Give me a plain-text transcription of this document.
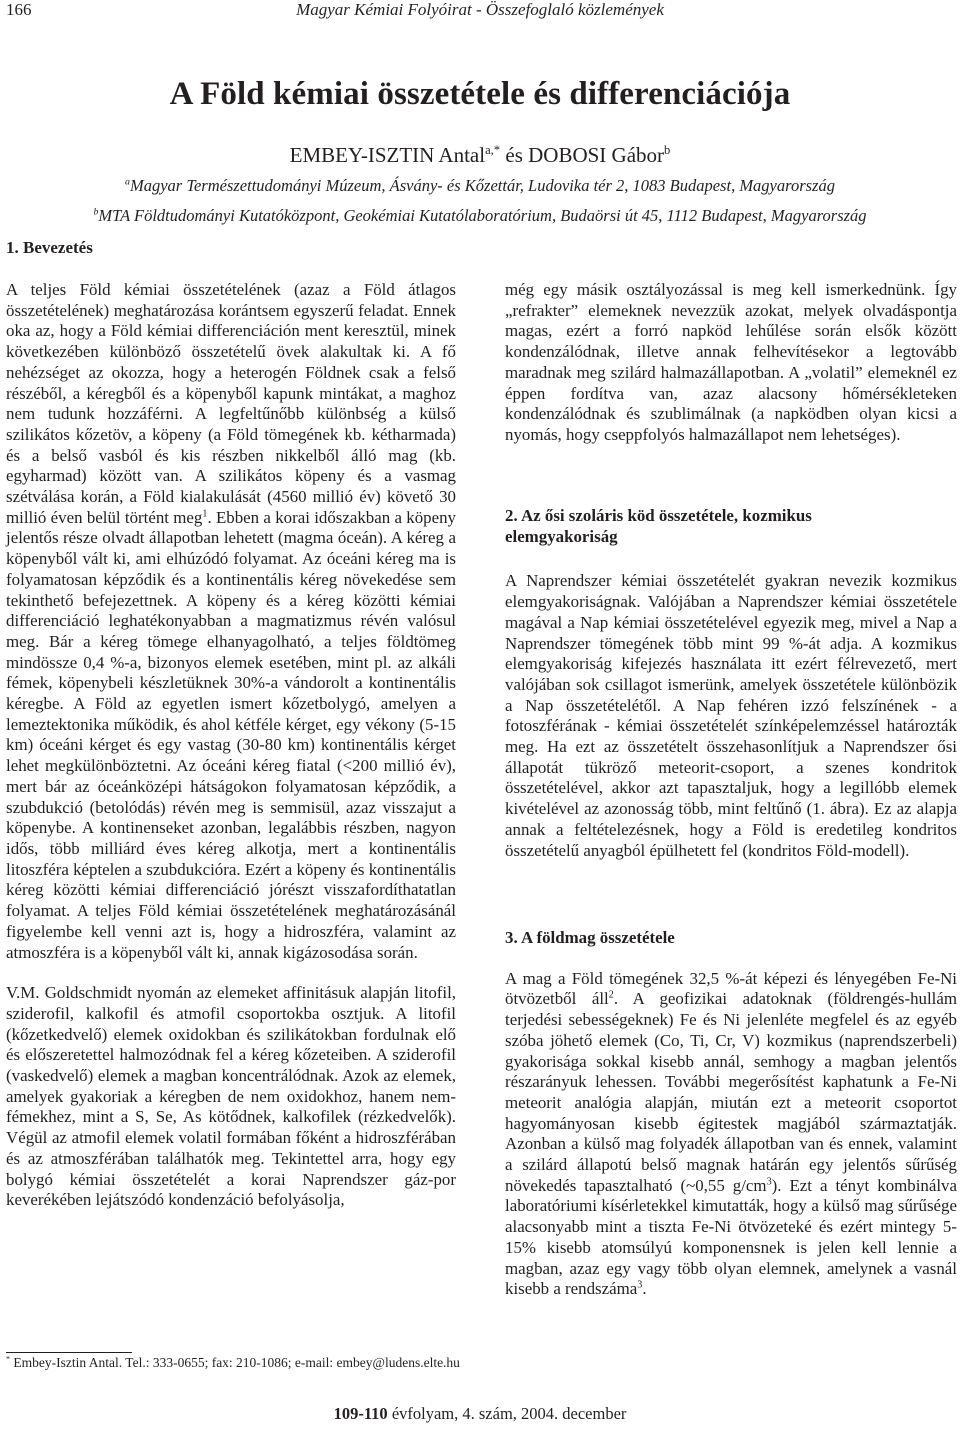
166	Magyar Kémiai Folyóirat - Összefoglaló közlemények
A Föld kémiai összetétele és differenciációja
EMBEY-ISZTIN Antal$^{a,*}$ és DOBOSI Gábor$^b$
$^a$Magyar Természettudományi Múzeum, Ásvány- és Kőzettár, Ludovika tér 2, 1083 Budapest, Magyarország
$^b$MTA Földtudományi Kutatóközpont, Geokémiai Kutatólaboratórium, Budaörsi út 45, 1112 Budapest, Magyarország
1. Bevezetés

A teljes Föld kémiai összetételének (azaz a Föld átlagos összetételének) meghatározása korántsem egyszerű feladat. Ennek oka az, hogy a Föld kémiai differenciáción ment keresztül, minek következében különböző összetételű övek alakultak ki. A fő nehézséget az okozza, hogy a heterogén Földnek csak a felső részéből, a kéregből és a köpenyből kapunk mintákat, a maghoz nem tudunk hozzáférni. A legfeltűnőbb különbség a külső szilikátos kőzetöv, a köpeny (a Föld tömegének kb. kétharmada) és a belső vasból és kis részben nikkelből álló mag (kb. egyharmad) között van. A szilikátos köpeny és a vasmag szétválása korán, a Föld kialakulását (4560 millió év) követő 30 millió éven belül történt meg$^1$. Ebben a korai időszakban a köpeny jelentős része olvadt állapotban lehetett (magma óceán). A kéreg a köpenyből vált ki, ami elhúzódó folyamat. Az óceáni kéreg ma is folyamatosan képződik és a kontinentális kéreg növekedése sem tekinthető befejezettnek. A köpeny és a kéreg közötti kémiai differenciáció leghatékonyabban a magmatizmus révén valósul meg. Bár a kéreg tömege elhanyagolható, a teljes földtömeg mindössze 0,4 %-a, bizonyos elemek esetében, mint pl. az alkáli fémek, köpenybeli készletüknek 30%-a vándorolt a kontinentális kéregbe. A Föld az egyetlen ismert kőzetbolygó, amelyen a lemeztektonika működik, és ahol kétféle kérget, egy vékony (5-15 km) óceáni kérget és egy vastag (30-80 km) kontinentális kérget lehet megkülönböztetni. Az óceáni kéreg fiatal (<200 millió év), mert bár az óceánközépi hátságokon folyamatosan képződik, a szubdukció (betolódás) révén meg is semmisül, azaz visszajut a köpenybe. A kontinenseket azonban, legalábbis részben, nagyon idős, több milliárd éves kéreg alkotja, mert a kontinentális litoszféra képtelen a szubdukcióra. Ezért a köpeny és kontinentális kéreg közötti kémiai differenciáció jórészt visszafordíthatatlan folyamat. A teljes Föld kémiai összetételének meghatározásánál figyelembe kell venni azt is, hogy a hidroszféra, valamint az atmoszféra is a köpenyből vált ki, annak kigázosodása során.

V.M. Goldschmidt nyomán az elemeket affinitásuk alapján litofil, sziderofil, kalkofil és atmofil csoportokba osztjuk. A litofil (kőzetkedvelő) elemek oxidokban és szilikátokban fordulnak elő és előszeretettel halmozódnak fel a kéreg kőzeteiben. A sziderofil (vaskedvelő) elemek a magban koncentrálódnak. Azok az elemek, amelyek gyakoriak a kéregben de nem oxidokhoz, hanem nem-fémekhez, mint a S, Se, As kötődnek, kalkofilek (rézkedvelők). Végül az atmofil elemek volatil formában főként a hidroszférában és az atmoszférában találhatók meg. Tekintettel arra, hogy egy bolygó kémiai összetételét a korai Naprendszer gáz-por keverékében lejátszódó kondenzáció befolyásolja,

még egy másik osztályozással is meg kell ismerkednünk. Így „refrakter” elemeknek nevezzük azokat, melyek olvadáspontja magas, ezért a forró napköd lehűlése során elsők között kondenzálódnak, illetve annak felhevítésekor a legtovább maradnak meg szilárd halmazállapotban. A „volatil” elemeknél ez éppen fordítva van, azaz alacsony hőmérsékleteken kondenzálódnak és szublimálnak (a napködben olyan kicsi a nyomás, hogy cseppfolyós halmazállapot nem lehetséges).

2. Az ősi szoláris köd összetétele, kozmikus
elemgyakoriság

A Naprendszer kémiai összetételét gyakran nevezik kozmikus elemgyakoriságnak. Valójában a Naprendszer kémiai összetétele magával a Nap kémiai összetételével egyezik meg, mivel a Nap a Naprendszer tömegének több mint 99 %-át adja. A kozmikus elemgyakoriság kifejezés használata itt ezért félrevezető, mert valójában sok csillagot ismerünk, amelyek összetétele különbözik a Nap összetételétől. A Nap fehéren izzó felszínének - a fotoszférának - kémiai összetételét színképelemzéssel határozták meg. Ha ezt az összetételt összehasonlítjuk a Naprendszer ősi állapotát tükröző meteorit-csoport, a szenes kondritok összetételével, akkor azt tapasztaljuk, hogy a legillóbb elemek kivételével az azonosság több, mint feltűnő (1. ábra). Ez az alapja annak a feltételezésnek, hogy a Föld is eredetileg kondritos összetételű anyagból épülhetett fel (kondritos Föld-modell).

3. A földmag összetétele

A mag a Föld tömegének 32,5 %-át képezi és lényegében Fe-Ni ötvözetből áll$^2$. A geofizikai adatoknak (földrengés-hullám terjedési sebességeknek) Fe és Ni jelenléte megfelel és az egyéb szóba jöhető elemek (Co, Ti, Cr, V) kozmikus (naprendszerbeli) gyakorisága sokkal kisebb annál, semhogy a magban jelentős részarányuk lehessen. További megerősítést kaphatunk a Fe-Ni meteorit analógia alapján, miután ezt a meteorit csoportot hagyományosan kisebb égitestek magjából származtatják. Azonban a külső mag folyadék állapotban van és ennek, valamint a szilárd állapotú belső magnak határán egy jelentős sűrűség növekedés tapasztalható (~0,55 $g/cm^3$). Ezt a tényt kombinálva laboratóriumi kísérletekkel kimutatták, hogy a külső mag sűrűsége alacsonyabb mint a tiszta Fe-Ni ötvözeteké és ezért mintegy 5-15% kisebb atomsúlyú komponensnek is jelen kell lennie a magban, azaz egy vagy több olyan elemnek, amelynek a vasnál kisebb a rendszáma$^3$.

* Embey-Isztin Antal. Tel.: 333-0655; fax: 210-1086; e-mail: embey@ludens.elte.hu
109-110 évfolyam, 4. szám, 2004. december
